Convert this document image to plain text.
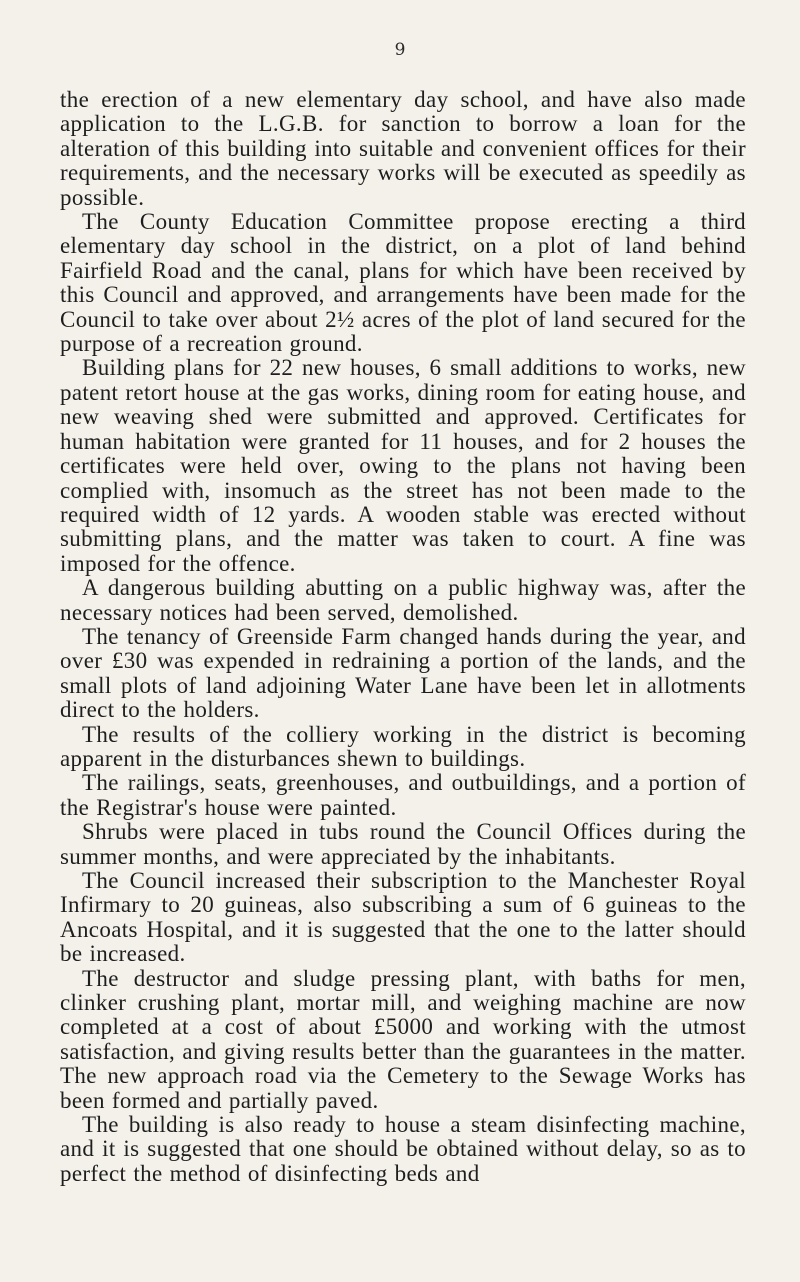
9

the erection of a new elementary day school, and have also made application to the L.G.B. for sanction to borrow a loan for the alteration of this building into suitable and convenient offices for their requirements, and the necessary works will be executed as speedily as possible.

The County Education Committee propose erecting a third elementary day school in the district, on a plot of land behind Fairfield Road and the canal, plans for which have been received by this Council and approved, and arrangements have been made for the Council to take over about 2½ acres of the plot of land secured for the purpose of a recreation ground.

Building plans for 22 new houses, 6 small additions to works, new patent retort house at the gas works, dining room for eating house, and new weaving shed were submitted and approved. Certificates for human habitation were granted for 11 houses, and for 2 houses the certificates were held over, owing to the plans not having been complied with, insomuch as the street has not been made to the required width of 12 yards. A wooden stable was erected without submitting plans, and the matter was taken to court. A fine was imposed for the offence.

A dangerous building abutting on a public highway was, after the necessary notices had been served, demolished.

The tenancy of Greenside Farm changed hands during the year, and over £30 was expended in redraining a portion of the lands, and the small plots of land adjoining Water Lane have been let in allotments direct to the holders.

The results of the colliery working in the district is becoming apparent in the disturbances shewn to buildings.

The railings, seats, greenhouses, and outbuildings, and a portion of the Registrar's house were painted.

Shrubs were placed in tubs round the Council Offices during the summer months, and were appreciated by the inhabitants.

The Council increased their subscription to the Manchester Royal Infirmary to 20 guineas, also subscribing a sum of 6 guineas to the Ancoats Hospital, and it is suggested that the one to the latter should be increased.

The destructor and sludge pressing plant, with baths for men, clinker crushing plant, mortar mill, and weighing machine are now completed at a cost of about £5000 and working with the utmost satisfaction, and giving results better than the guarantees in the matter. The new approach road via the Cemetery to the Sewage Works has been formed and partially paved.

The building is also ready to house a steam disinfecting machine, and it is suggested that one should be obtained without delay, so as to perfect the method of disinfecting beds and
